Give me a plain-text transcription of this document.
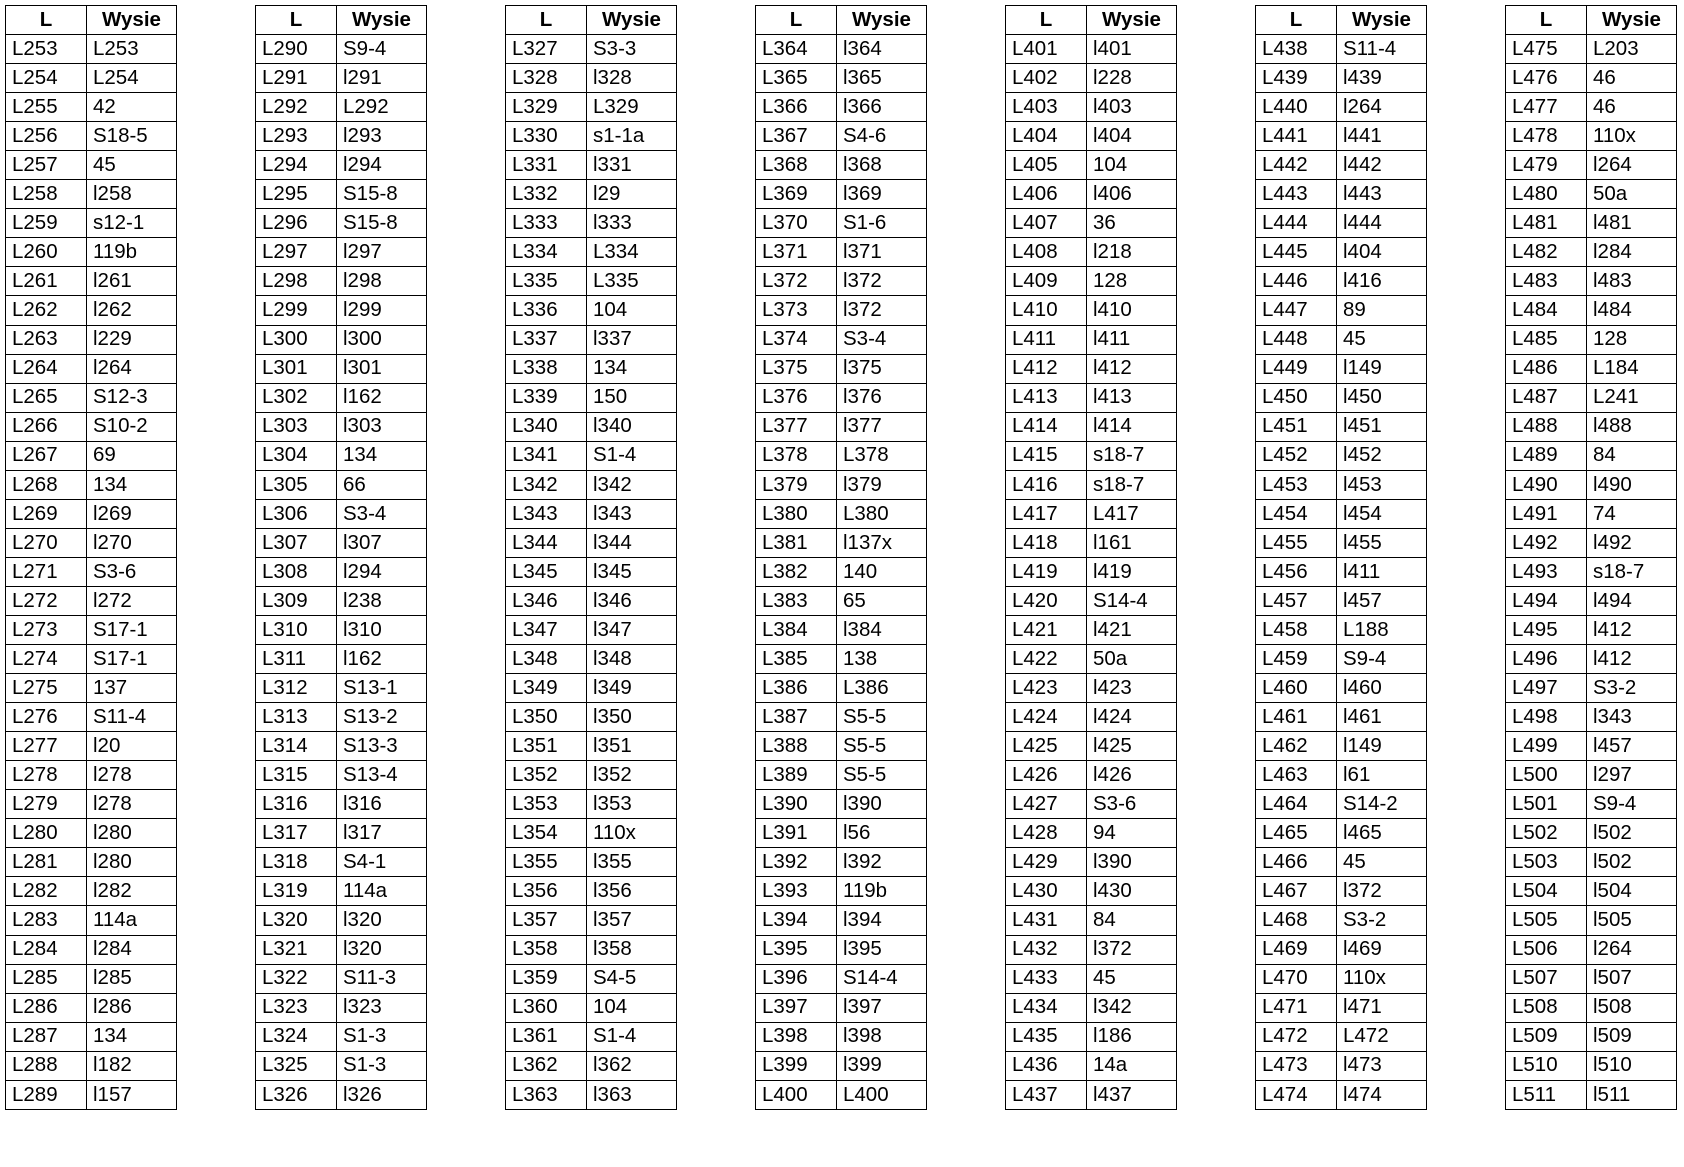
L	Wysie
L253	L253
L254	L254
L255	42
L256	S18-5
L257	45
L258	l258
L259	s12-1
L260	119b
L261	l261
L262	l262
L263	l229
L264	l264
L265	S12-3
L266	S10-2
L267	69
L268	134
L269	l269
L270	l270
L271	S3-6
L272	l272
L273	S17-1
L274	S17-1
L275	137
L276	S11-4
L277	l20
L278	l278
L279	l278
L280	l280
L281	l280
L282	l282
L283	114a
L284	l284
L285	l285
L286	l286
L287	134
L288	l182
L289	l157
L	Wysie
L290	S9-4
L291	l291
L292	L292
L293	l293
L294	l294
L295	S15-8
L296	S15-8
L297	l297
L298	l298
L299	l299
L300	l300
L301	l301
L302	l162
L303	l303
L304	134
L305	66
L306	S3-4
L307	l307
L308	l294
L309	l238
L310	l310
L311	l162
L312	S13-1
L313	S13-2
L314	S13-3
L315	S13-4
L316	l316
L317	l317
L318	S4-1
L319	114a
L320	l320
L321	l320
L322	S11-3
L323	l323
L324	S1-3
L325	S1-3
L326	l326
L	Wysie
L327	S3-3
L328	l328
L329	L329
L330	s1-1a
L331	l331
L332	l29
L333	l333
L334	L334
L335	L335
L336	104
L337	l337
L338	134
L339	150
L340	l340
L341	S1-4
L342	l342
L343	l343
L344	l344
L345	l345
L346	l346
L347	l347
L348	l348
L349	l349
L350	l350
L351	l351
L352	l352
L353	l353
L354	110x
L355	l355
L356	l356
L357	l357
L358	l358
L359	S4-5
L360	104
L361	S1-4
L362	l362
L363	l363
L	Wysie
L364	l364
L365	l365
L366	l366
L367	S4-6
L368	l368
L369	l369
L370	S1-6
L371	l371
L372	l372
L373	l372
L374	S3-4
L375	l375
L376	l376
L377	l377
L378	L378
L379	l379
L380	L380
L381	l137x
L382	140
L383	65
L384	l384
L385	138
L386	L386
L387	S5-5
L388	S5-5
L389	S5-5
L390	l390
L391	l56
L392	l392
L393	119b
L394	l394
L395	l395
L396	S14-4
L397	l397
L398	l398
L399	l399
L400	L400
L	Wysie
L401	l401
L402	l228
L403	l403
L404	l404
L405	104
L406	l406
L407	36
L408	l218
L409	128
L410	l410
L411	l411
L412	l412
L413	l413
L414	l414
L415	s18-7
L416	s18-7
L417	L417
L418	l161
L419	l419
L420	S14-4
L421	l421
L422	50a
L423	l423
L424	l424
L425	l425
L426	l426
L427	S3-6
L428	94
L429	l390
L430	l430
L431	84
L432	l372
L433	45
L434	l342
L435	l186
L436	14a
L437	l437
L	Wysie
L438	S11-4
L439	l439
L440	l264
L441	l441
L442	l442
L443	l443
L444	l444
L445	l404
L446	l416
L447	89
L448	45
L449	l149
L450	l450
L451	l451
L452	l452
L453	l453
L454	l454
L455	l455
L456	l411
L457	l457
L458	L188
L459	S9-4
L460	l460
L461	l461
L462	l149
L463	l61
L464	S14-2
L465	l465
L466	45
L467	l372
L468	S3-2
L469	l469
L470	110x
L471	l471
L472	L472
L473	l473
L474	l474
L	Wysie
L475	L203
L476	46
L477	46
L478	110x
L479	l264
L480	50a
L481	l481
L482	l284
L483	l483
L484	l484
L485	128
L486	L184
L487	L241
L488	l488
L489	84
L490	l490
L491	74
L492	l492
L493	s18-7
L494	l494
L495	l412
L496	l412
L497	S3-2
L498	l343
L499	l457
L500	l297
L501	S9-4
L502	l502
L503	l502
L504	l504
L505	l505
L506	l264
L507	l507
L508	l508
L509	l509
L510	l510
L511	l511
